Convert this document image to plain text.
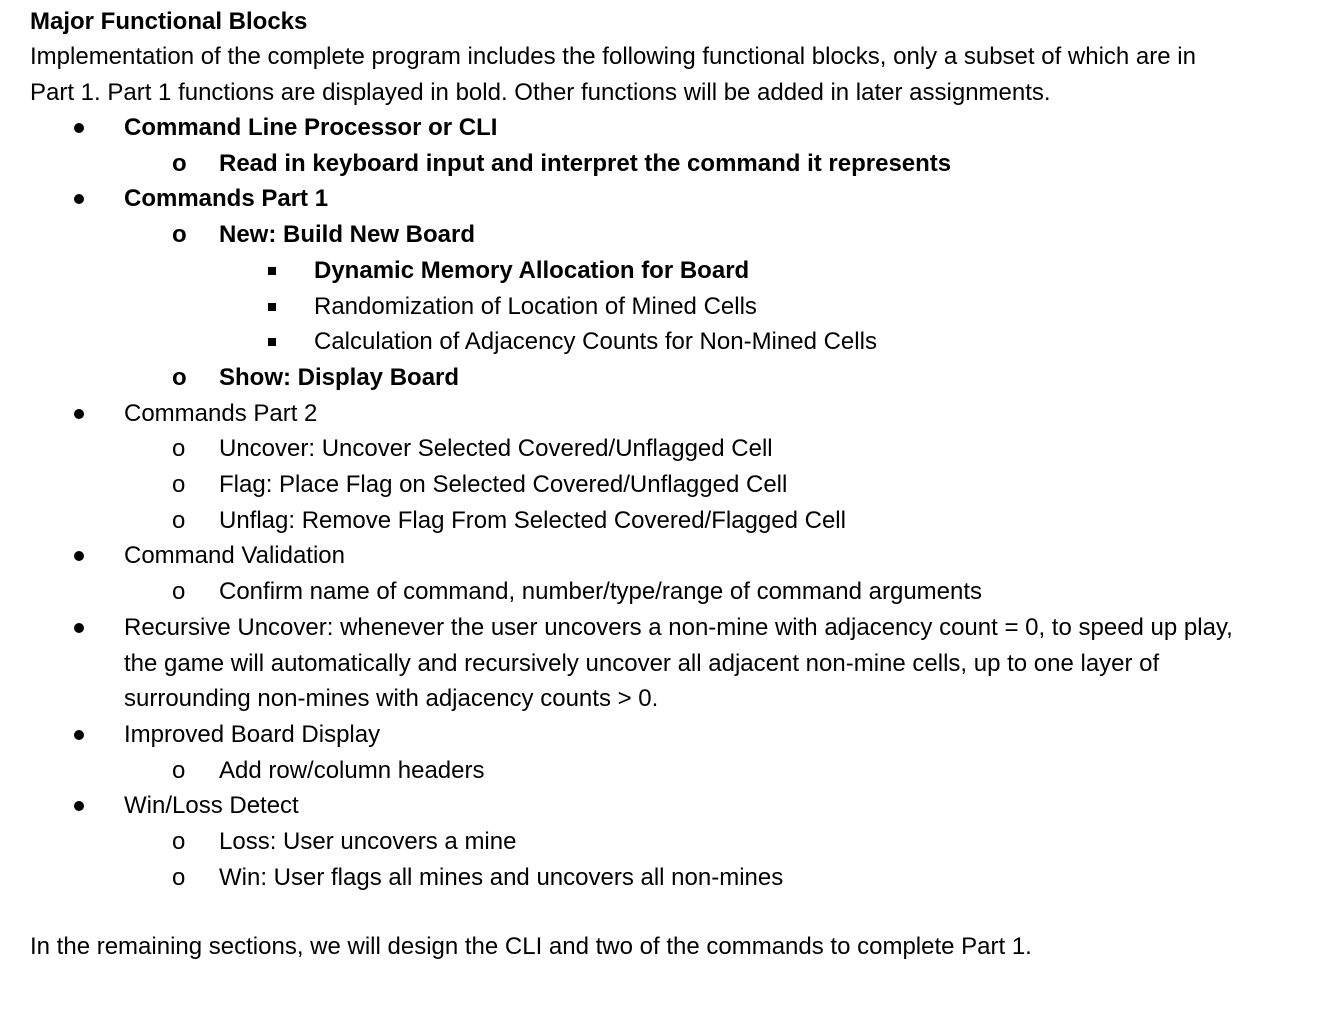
Major Functional Blocks

Implementation of the complete program includes the following functional blocks, only a subset of which are in Part 1. Part 1 functions are displayed in bold. Other functions will be added in later assignments.

Command Line Processor or CLI
o Read in keyboard input and interpret the command it represents
Commands Part 1
o New: Build New Board
Dynamic Memory Allocation for Board
Randomization of Location of Mined Cells
Calculation of Adjacency Counts for Non-Mined Cells
o Show: Display Board
Commands Part 2
o Uncover: Uncover Selected Covered/Unflagged Cell
o Flag: Place Flag on Selected Covered/Unflagged Cell
o Unflag: Remove Flag From Selected Covered/Flagged Cell
Command Validation
o Confirm name of command, number/type/range of command arguments
Recursive Uncover: whenever the user uncovers a non-mine with adjacency count = 0, to speed up play, the game will automatically and recursively uncover all adjacent non-mine cells, up to one layer of surrounding non-mines with adjacency counts > 0.
Improved Board Display
o Add row/column headers
Win/Loss Detect
o Loss: User uncovers a mine
o Win: User flags all mines and uncovers all non-mines
In the remaining sections, we will design the CLI and two of the commands to complete Part 1.
